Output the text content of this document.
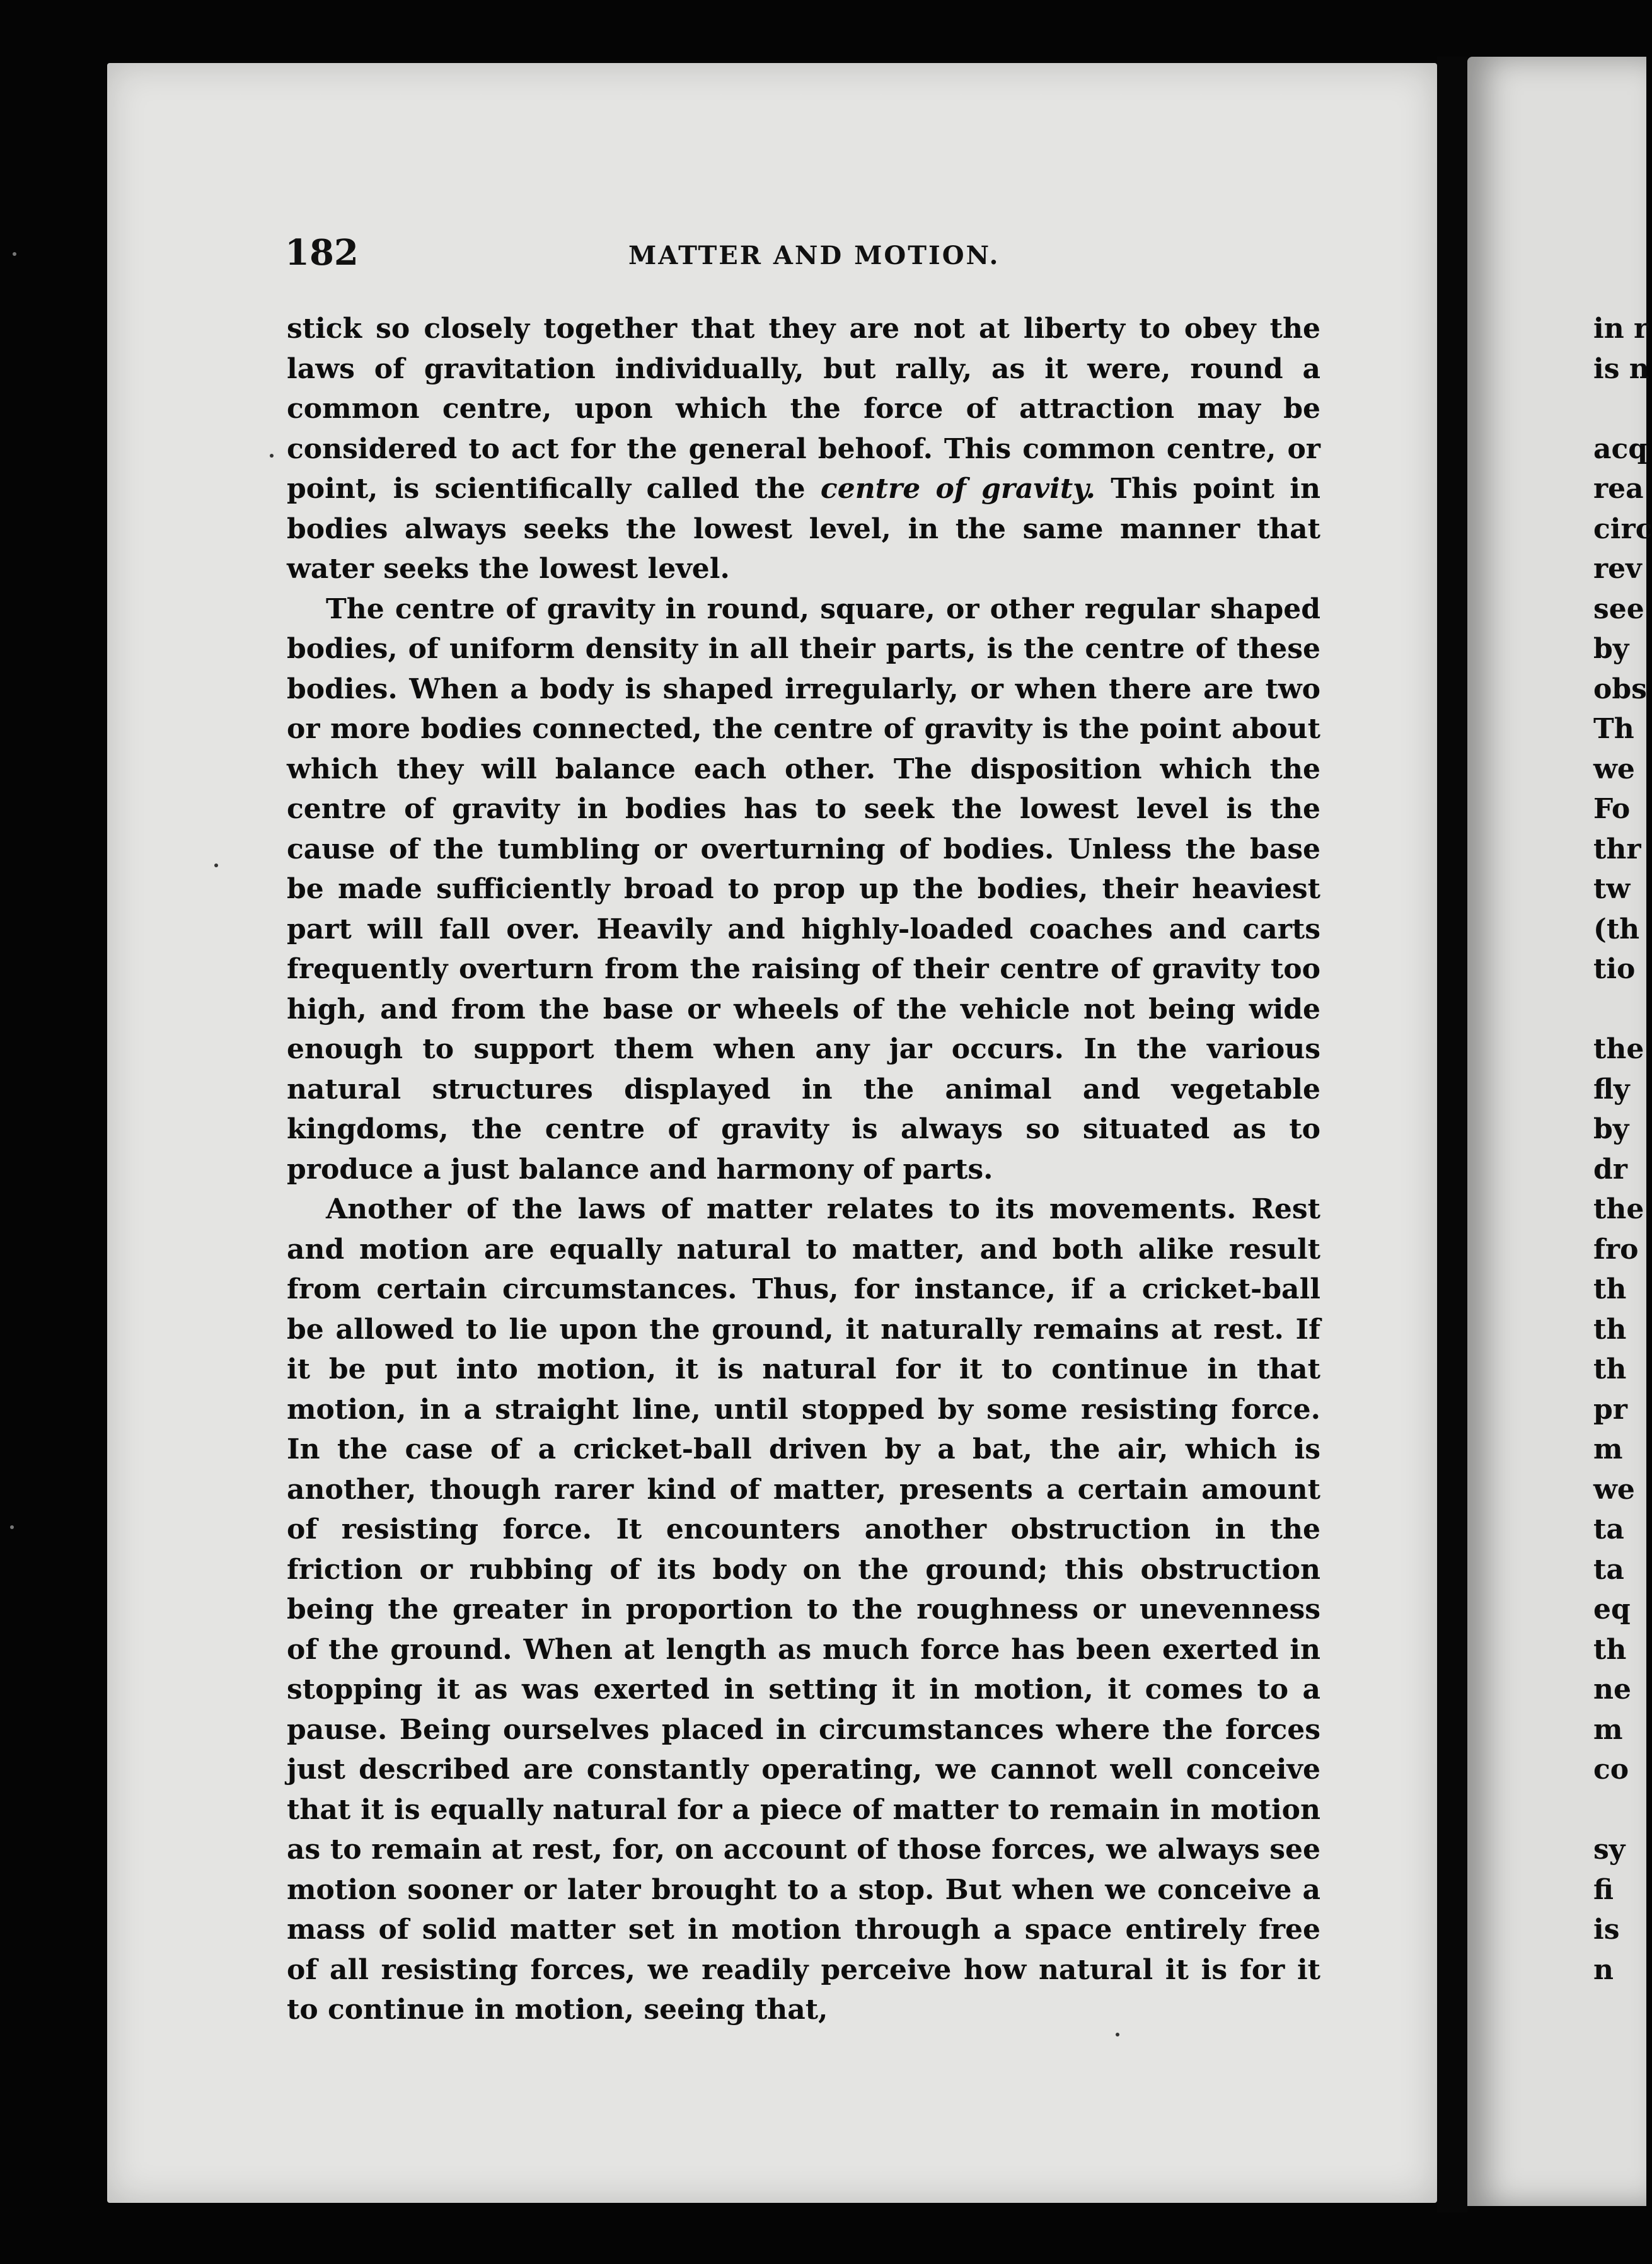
182	MATTER AND MOTION.

stick so closely together that they are not at liberty to obey the laws of gravitation individually, but rally, as it were, round a common centre, upon which the force of attraction may be considered to act for the general behoof. This common centre, or point, is scientifically called the centre of gravity. This point in bodies always seeks the lowest level, in the same manner that water seeks the lowest level.

The centre of gravity in round, square, or other regular shaped bodies, of uniform density in all their parts, is the centre of these bodies. When a body is shaped irregularly, or when there are two or more bodies connected, the centre of gravity is the point about which they will balance each other. The disposition which the centre of gravity in bodies has to seek the lowest level is the cause of the tumbling or overturning of bodies. Unless the base be made sufficiently broad to prop up the bodies, their heaviest part will fall over. Heavily and highly-loaded coaches and carts frequently overturn from the raising of their centre of gravity too high, and from the base or wheels of the vehicle not being wide enough to support them when any jar occurs. In the various natural structures displayed in the animal and vegetable kingdoms, the centre of gravity is always so situated as to produce a just balance and harmony of parts.

Another of the laws of matter relates to its movements. Rest and motion are equally natural to matter, and both alike result from certain circumstances. Thus, for instance, if a cricket-ball be allowed to lie upon the ground, it naturally remains at rest. If it be put into motion, it is natural for it to continue in that motion, in a straight line, until stopped by some resisting force. In the case of a cricket-ball driven by a bat, the air, which is another, though rarer kind of matter, presents a certain amount of resisting force. It encounters another obstruction in the friction or rubbing of its body on the ground; this obstruction being the greater in proportion to the roughness or unevenness of the ground. When at length as much force has been exerted in stopping it as was exerted in setting it in motion, it comes to a pause. Being ourselves placed in circumstances where the forces just described are constantly operating, we cannot well conceive that it is equally natural for a piece of matter to remain in motion as to remain at rest, for, on account of those forces, we always see motion sooner or later brought to a stop. But when we conceive a mass of solid matter set in motion through a space entirely free of all resisting forces, we readily perceive how natural it is for it to continue in motion, seeing that,

in r
is n
acq
rea
circ
rev
see
by
obs
Th
we
Fo
thr
tw
(th
tio
the
fly
by
dr
the
fro
th
th
th
pr
m
we
ta
ta
eq
th
ne
m
co
sy
fi
is
n
